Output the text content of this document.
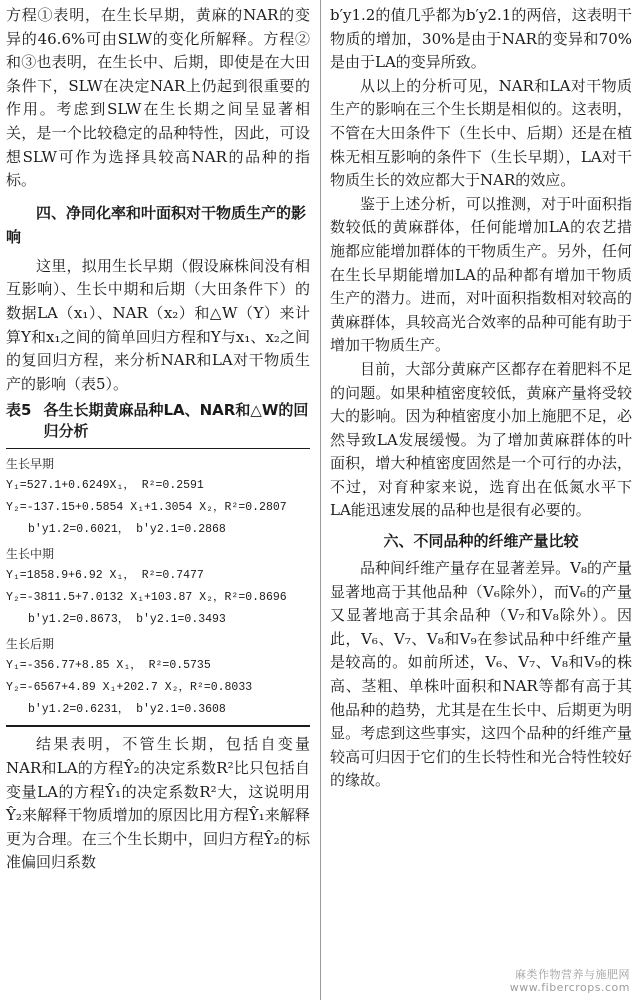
方程①表明，在生长早期，黄麻的NAR的变异的46.6%可由SLW的变化所解释。方程②和③也表明，在生长中、后期，即使是在大田条件下，SLW在决定NAR上仍起到很重要的作用。考虑到SLW在生长期之间呈显著相关，是一个比较稳定的品种特性，因此，可设想SLW可作为选择具较高NAR的品种的指标。

四、净同化率和叶面积对干物质生产的影响

这里，拟用生长早期（假设麻株间没有相互影响）、生长中期和后期（大田条件下）的数据LA（x₁）、NAR（x₂）和△W（Y）来计算Y和x₁之间的简单回归方程和Y与x₁、x₂之间的复回归方程，来分析NAR和LA对干物质生产的影响（表5）。

表5 各生长期黄麻品种LA、NAR和△W的回归分析
生长早期
Y₁=527.1+0.6249X₁， R²=0.2591
Y₂=-137.15+0.5854 X₁+1.3054 X₂，R²=0.2807
b′y1.2=0.6021， b′y2.1=0.2868
生长中期
Y₁=1858.9+6.92 X₁， R²=0.7477
Y₂=-3811.5+7.0132 X₁+103.87 X₂，R²=0.8696
b′y1.2=0.8673， b′y2.1=0.3493
生长后期
Y₁=-356.77+8.85 X₁， R²=0.5735
Y₂=-6567+4.89 X₁+202.7 X₂，R²=0.8033
b′y1.2=0.6231， b′y2.1=0.3608

结果表明，不管生长期，包括自变量NAR和LA的方程Ŷ₂的决定系数R²比只包括自变量LA的方程Ŷ₁的决定系数R²大，这说明用Ŷ₂来解释干物质增加的原因比用方程Ŷ₁来解释更为合理。在三个生长期中，回归方程Ŷ₂的标准偏回归系数

b′y1.2的值几乎都为b′y2.1的两倍，这表明干物质的增加，30%是由于NAR的变异和70%是由于LA的变异所致。

从以上的分析可见，NAR和LA对干物质生产的影响在三个生长期是相似的。这表明，不管在大田条件下（生长中、后期）还是在植株无相互影响的条件下（生长早期），LA对干物质生长的效应都大于NAR的效应。

鉴于上述分析，可以推测，对于叶面积指数较低的黄麻群体，任何能增加LA的农艺措施都应能增加群体的干物质生产。另外，任何在生长早期能增加LA的品种都有增加干物质生产的潜力。进而，对叶面积指数相对较高的黄麻群体，具较高光合效率的品种可能有助于增加干物质生产。

目前，大部分黄麻产区都存在着肥料不足的问题。如果种植密度较低，黄麻产量将受较大的影响。因为种植密度小加上施肥不足，必然导致LA发展缓慢。为了增加黄麻群体的叶面积，增大种植密度固然是一个可行的办法，不过，对育种家来说，选育出在低氮水平下LA能迅速发展的品种也是很有必要的。

六、不同品种的纤维产量比较

品种间纤维产量存在显著差异。V₈的产量显著地高于其他品种（V₆除外），而V₆的产量又显著地高于其余品种（V₇和V₈除外）。因此，V₆、V₇、V₈和V₉在参试品种中纤维产量是较高的。如前所述，V₆、V₇、V₈和V₉的株高、茎粗、单株叶面积和NAR等都有高于其他品种的趋势，尤其是在生长中、后期更为明显。考虑到这些事实，这四个品种的纤维产量较高可归因于它们的生长特性和光合特性较好的缘故。

麻类作物营养与施肥网
www.fibercrops.com
